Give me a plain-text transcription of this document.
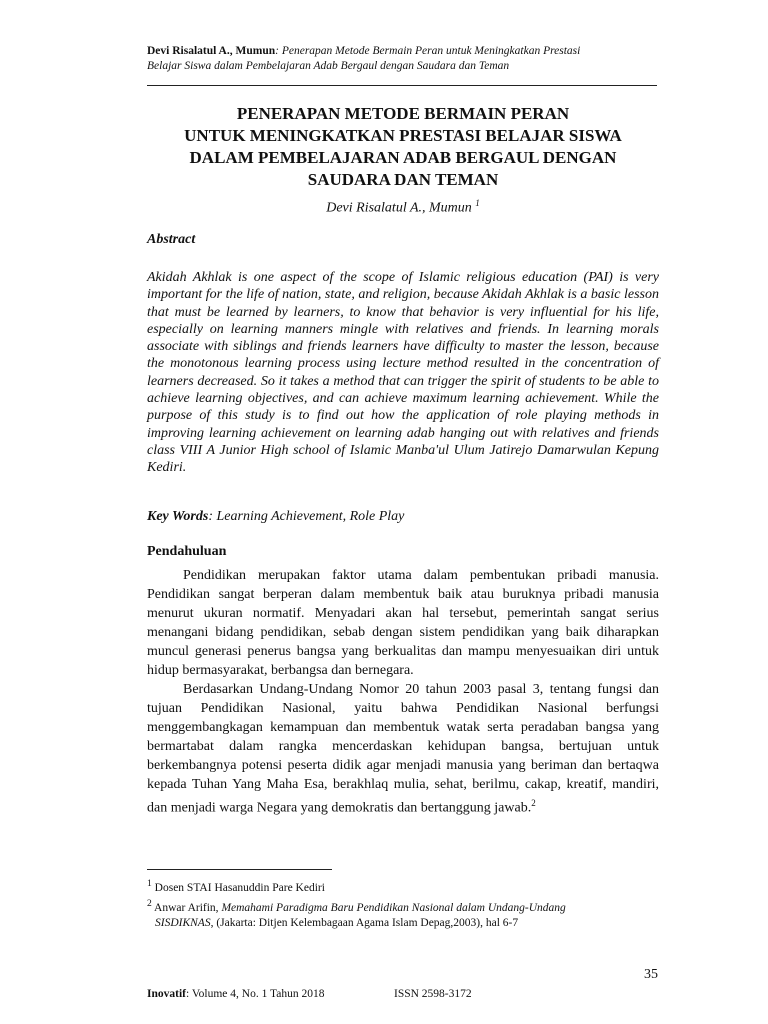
Devi Risalatul A., Mumun: Penerapan Metode Bermain Peran untuk Meningkatkan Prestasi
Belajar Siswa dalam Pembelajaran Adab Bergaul dengan Saudara dan Teman
PENERAPAN METODE BERMAIN PERAN
UNTUK MENINGKATKAN PRESTASI BELAJAR SISWA
DALAM PEMBELAJARAN ADAB BERGAUL DENGAN
SAUDARA DAN TEMAN
Devi Risalatul A., Mumun $^1$
Abstract
Akidah Akhlak is one aspect of the scope of Islamic religious education (PAI) is very important for the life of nation, state, and religion, because Akidah Akhlak is a basic lesson that must be learned by learners, to know that behavior is very influential for his life, especially on learning manners mingle with relatives and friends. In learning morals associate with siblings and friends learners have difficulty to master the lesson, because the monotonous learning process using lecture method resulted in the concentration of learners decreased. So it takes a method that can trigger the spirit of students to be able to achieve learning objectives, and can achieve maximum learning achievement. While the purpose of this study is to find out how the application of role playing methods in improving learning achievement on learning adab hanging out with relatives and friends class VIII A Junior High school of Islamic Manba'ul Ulum Jatirejo Damarwulan Kepung Kediri.
Key Words: Learning Achievement, Role Play
Pendahuluan

Pendidikan merupakan faktor utama dalam pembentukan pribadi manusia. Pendidikan sangat berperan dalam membentuk baik atau buruknya pribadi manusia menurut ukuran normatif. Menyadari akan hal tersebut, pemerintah sangat serius menangani bidang pendidikan, sebab dengan sistem pendidikan yang baik diharapkan muncul generasi penerus bangsa yang berkualitas dan mampu menyesuaikan diri untuk hidup bermasyarakat, berbangsa dan bernegara.

Berdasarkan Undang-Undang Nomor 20 tahun 2003 pasal 3, tentang fungsi dan tujuan Pendidikan Nasional, yaitu bahwa Pendidikan Nasional berfungsi menggembangkagan kemampuan dan membentuk watak serta peradaban bangsa yang bermartabat dalam rangka mencerdaskan kehidupan bangsa, bertujuan untuk berkembangnya potensi peserta didik agar menjadi manusia yang beriman dan bertaqwa kepada Tuhan Yang Maha Esa, berakhlaq mulia, sehat, berilmu, cakap, kreatif, mandiri, dan menjadi warga Negara yang demokratis dan bertanggung jawab.$^2$

$^1$ Dosen STAI Hasanuddin Pare Kediri
$^2$ Anwar Arifin, Memahami Paradigma Baru Pendidikan Nasional dalam Undang-Undang
SISDIKNAS, (Jakarta: Ditjen Kelembagaan Agama Islam Depag,2003), hal 6-7
35
Inovatif: Volume 4, No. 1 Tahun 2018	ISSN 2598-3172
